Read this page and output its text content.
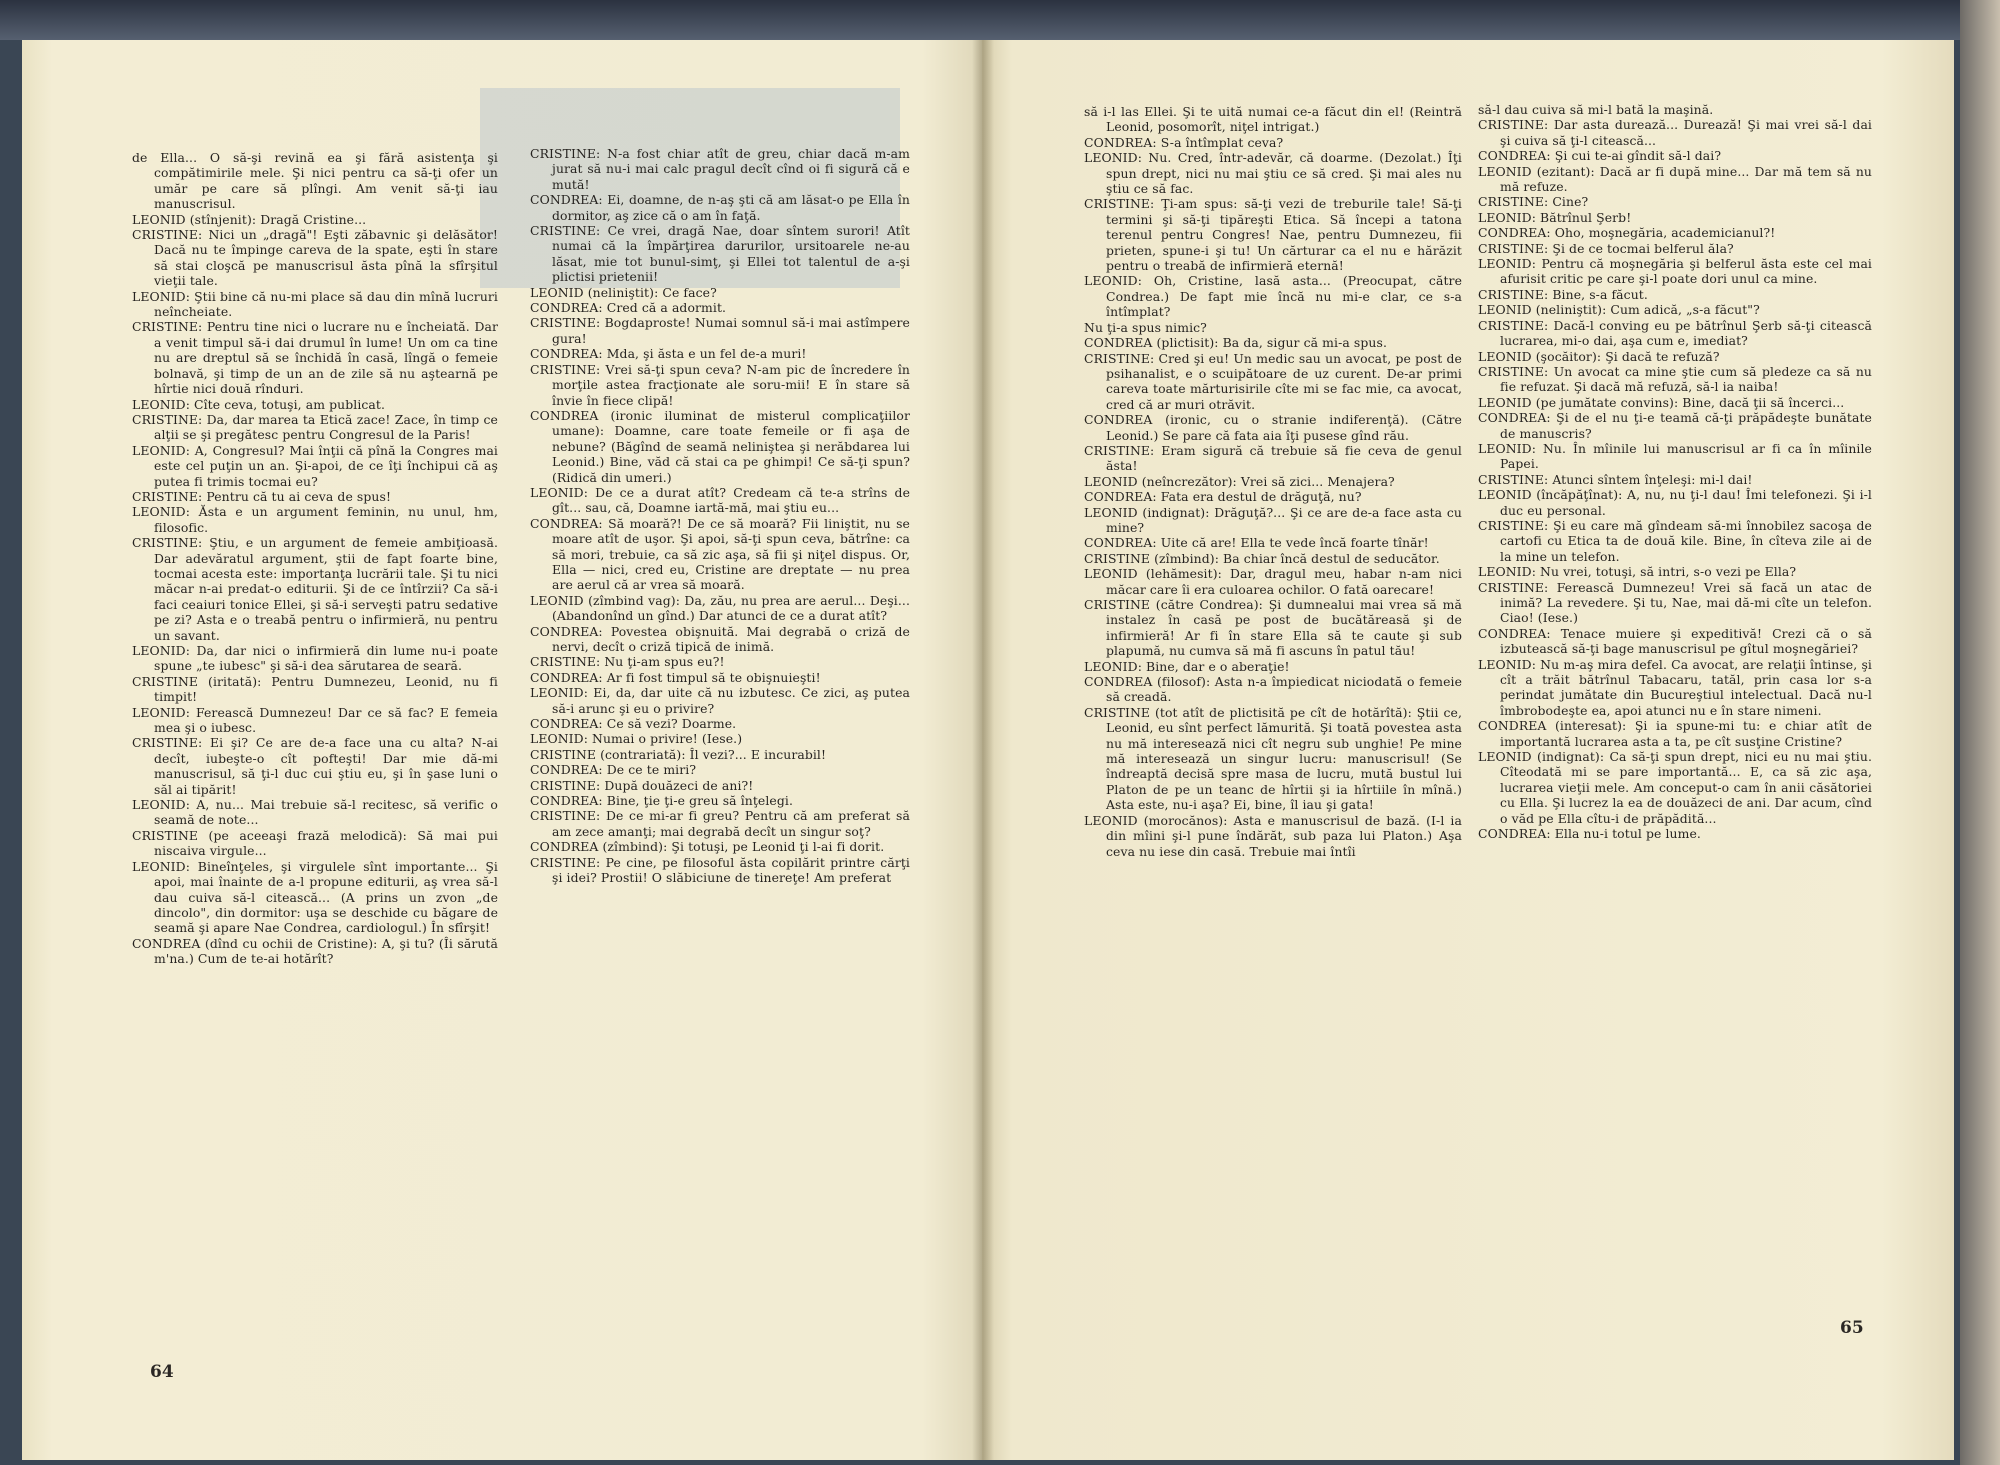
de Ella... O să-şi revină ea şi fără asistenţa şi compătimirile mele. Şi nici pentru ca să-ţi ofer un umăr pe care să plîngi. Am venit să-ţi iau manuscrisul.

LEONID (stînjenit): Dragă Cristine...

CRISTINE: Nici un „dragă"! Eşti zăbavnic şi delăsător! Dacă nu te împinge careva de la spate, eşti în stare să stai cloşcă pe manuscrisul ăsta pînă la sfîrşitul vieţii tale.

LEONID: Ştii bine că nu-mi place să dau din mînă lucruri neîncheiate.

CRISTINE: Pentru tine nici o lucrare nu e încheiată. Dar a venit timpul să-i dai drumul în lume! Un om ca tine nu are dreptul să se închidă în casă, lîngă o femeie bolnavă, şi timp de un an de zile să nu aştearnă pe hîrtie nici două rînduri.

LEONID: Cîte ceva, totuşi, am publicat.

CRISTINE: Da, dar marea ta Etică zace! Zace, în timp ce alţii se şi pregătesc pentru Congresul de la Paris!

LEONID: A, Congresul? Mai înţii că pînă la Congres mai este cel puţin un an. Şi-apoi, de ce îţi închipui că aş putea fi trimis tocmai eu?

CRISTINE: Pentru că tu ai ceva de spus!

LEONID: Ăsta e un argument feminin, nu unul, hm, filosofic.

CRISTINE: Ştiu, e un argument de femeie ambiţioasă. Dar adevăratul argument, ştii de fapt foarte bine, tocmai acesta este: importanţa lucrării tale. Şi tu nici măcar n-ai predat-o editurii. Şi de ce întîrzii? Ca să-i faci ceaiuri tonice Ellei, şi să-i serveşti patru sedative pe zi? Asta e o treabă pentru o infirmieră, nu pentru un savant.

LEONID: Da, dar nici o infirmieră din lume nu-i poate spune „te iubesc" şi să-i dea sărutarea de seară.

CRISTINE (iritată): Pentru Dumnezeu, Leonid, nu fi timpit!

LEONID: Ferească Dumnezeu! Dar ce să fac? E femeia mea şi o iubesc.

CRISTINE: Ei şi? Ce are de-a face una cu alta? N-ai decît, iubeşte-o cît pofteşti! Dar mie dă-mi manuscrisul, să ţi-l duc cui ştiu eu, şi în şase luni o săl ai tipărit!

LEONID: A, nu... Mai trebuie să-l recitesc, să verific o seamă de note...

CRISTINE (pe aceeaşi frază melodică): Să mai pui niscaiva virgule...

LEONID: Bineînţeles, şi virgulele sînt importante... Şi apoi, mai înainte de a-l propune editurii, aş vrea să-l dau cuiva să-l citească... (A prins un zvon „de dincolo", din dormitor: uşa se deschide cu băgare de seamă şi apare Nae Condrea, cardiologul.) În sfîrşit!

CONDREA (dînd cu ochii de Cristine): A, şi tu? (Îi sărută m'na.) Cum de te-ai hotărît?

CRISTINE: N-a fost chiar atît de greu, chiar dacă m-am jurat să nu-i mai calc pragul decît cînd oi fi sigură că e mută!

CONDREA: Ei, doamne, de n-aş şti că am lăsat-o pe Ella în dormitor, aş zice că o am în faţă.

CRISTINE: Ce vrei, dragă Nae, doar sîntem surori! Atît numai că la împărţirea darurilor, ursitoarele ne-au lăsat, mie tot bunul-simţ, şi Ellei tot talentul de a-şi plictisi prietenii!

LEONID (neliniştit): Ce face?

CONDREA: Cred că a adormit.

CRISTINE: Bogdaproste! Numai somnul să-i mai astîmpere gura!

CONDREA: Mda, şi ăsta e un fel de-a muri!

CRISTINE: Vrei să-ţi spun ceva? N-am pic de încredere în morţile astea fracţionate ale soru-mii! E în stare să învie în fiece clipă!

CONDREA (ironic iluminat de misterul complicaţiilor umane): Doamne, care toate femeile or fi aşa de nebune? (Băgînd de seamă neliniştea şi nerăbdarea lui Leonid.) Bine, văd că stai ca pe ghimpi! Ce să-ţi spun? (Ridică din umeri.)

LEONID: De ce a durat atît? Credeam că te-a strîns de gît... sau, că, Doamne iartă-mă, mai ştiu eu...

CONDREA: Să moară?! De ce să moară? Fii liniştit, nu se moare atît de uşor. Şi apoi, să-ţi spun ceva, bătrîne: ca să mori, trebuie, ca să zic aşa, să fii şi niţel dispus. Or, Ella — nici, cred eu, Cristine are dreptate — nu prea are aerul că ar vrea să moară.

LEONID (zîmbind vag): Da, zău, nu prea are aerul... Deşi... (Abandonînd un gînd.) Dar atunci de ce a durat atît?

CONDREA: Povestea obişnuită. Mai degrabă o criză de nervi, decît o criză tipică de inimă.

CRISTINE: Nu ţi-am spus eu?!

CONDREA: Ar fi fost timpul să te obişnuieşti!

LEONID: Ei, da, dar uite că nu izbutesc. Ce zici, aş putea să-i arunc şi eu o privire?

CONDREA: Ce să vezi? Doarme.

LEONID: Numai o privire! (Iese.)

CRISTINE (contrariată): Îl vezi?... E incurabil!

CONDREA: De ce te miri?

CRISTINE: După douăzeci de ani?!

CONDREA: Bine, ţie ţi-e greu să înţelegi.

CRISTINE: De ce mi-ar fi greu? Pentru că am preferat să am zece amanţi; mai degrabă decît un singur soţ?

CONDREA (zîmbind): Şi totuşi, pe Leonid ţi l-ai fi dorit.

CRISTINE: Pe cine, pe filosoful ăsta copilărit printre cărţi şi idei? Prostii! O slăbiciune de tinereţe! Am preferat

să i-l las Ellei. Şi te uită numai ce-a făcut din el! (Reintră Leonid, posomorît, niţel intrigat.)

CONDREA: S-a întîmplat ceva?

LEONID: Nu. Cred, într-adevăr, că doarme. (Dezolat.) Îţi spun drept, nici nu mai ştiu ce să cred. Şi mai ales nu ştiu ce să fac.

CRISTINE: Ţi-am spus: să-ţi vezi de treburile tale! Să-ţi termini şi să-ţi tipăreşti Etica. Să începi a tatona terenul pentru Congres! Nae, pentru Dumnezeu, fii prieten, spune-i şi tu! Un cărturar ca el nu e hărăzit pentru o treabă de infirmieră eternă!

LEONID: Oh, Cristine, lasă asta... (Preocupat, către Condrea.) De fapt mie încă nu mi-e clar, ce s-a întîmplat?

Nu ţi-a spus nimic?

CONDREA (plictisit): Ba da, sigur că mi-a spus.

CRISTINE: Cred şi eu! Un medic sau un avocat, pe post de psihanalist, e o scuipătoare de uz curent. De-ar primi careva toate mărturisirile cîte mi se fac mie, ca avocat, cred că ar muri otrăvit.

CONDREA (ironic, cu o stranie indiferenţă). (Către Leonid.) Se pare că fata aia îţi pusese gînd rău.

CRISTINE: Eram sigură că trebuie să fie ceva de genul ăsta!

LEONID (neîncrezător): Vrei să zici... Menajera?

CONDREA: Fata era destul de drăguţă, nu?

LEONID (indignat): Drăguţă?... Şi ce are de-a face asta cu mine?

CONDREA: Uite că are! Ella te vede încă foarte tînăr!

CRISTINE (zîmbind): Ba chiar încă destul de seducător.

LEONID (lehămesit): Dar, dragul meu, habar n-am nici măcar care îi era culoarea ochilor. O fată oarecare!

CRISTINE (către Condrea): Şi dumnealui mai vrea să mă instalez în casă pe post de bucătăreasă şi de infirmieră! Ar fi în stare Ella să te caute şi sub plapumă, nu cumva să mă fi ascuns în patul tău!

LEONID: Bine, dar e o aberaţie!

CONDREA (filosof): Asta n-a împiedicat niciodată o femeie să creadă.

CRISTINE (tot atît de plictisită pe cît de hotărîtă): Ştii ce, Leonid, eu sînt perfect lămurită. Şi toată povestea asta nu mă interesează nici cît negru sub unghie! Pe mine mă interesează un singur lucru: manuscrisul! (Se îndreaptă decisă spre masa de lucru, mută bustul lui Platon de pe un teanc de hîrtii şi ia hîrtiile în mînă.) Asta este, nu-i aşa? Ei, bine, îl iau şi gata!

LEONID (morocănos): Asta e manuscrisul de bază. (I-l ia din mîini şi-l pune îndărăt, sub paza lui Platon.) Aşa ceva nu iese din casă. Trebuie mai întîi

să-l dau cuiva să mi-l bată la maşină.

CRISTINE: Dar asta durează... Durează! Şi mai vrei să-l dai şi cuiva să ţi-l citească...

CONDREA: Şi cui te-ai gîndit să-l dai?

LEONID (ezitant): Dacă ar fi după mine... Dar mă tem să nu mă refuze.

CRISTINE: Cine?

LEONID: Bătrînul Şerb!

CONDREA: Oho, moşnegăria, academicianul?!

CRISTINE: Şi de ce tocmai belferul ăla?

LEONID: Pentru că moşnegăria şi belferul ăsta este cel mai afurisit critic pe care şi-l poate dori unul ca mine.

CRISTINE: Bine, s-a făcut.

LEONID (neliniştit): Cum adică, „s-a făcut"?

CRISTINE: Dacă-l conving eu pe bătrînul Şerb să-ţi citească lucrarea, mi-o dai, aşa cum e, imediat?

LEONID (şocăitor): Şi dacă te refuză?

CRISTINE: Un avocat ca mine ştie cum să pledeze ca să nu fie refuzat. Şi dacă mă refuză, să-l ia naiba!

LEONID (pe jumătate convins): Bine, dacă ţii să încerci...

CONDREA: Şi de el nu ţi-e teamă că-ţi prăpădeşte bunătate de manuscris?

LEONID: Nu. În mîinile lui manuscrisul ar fi ca în mîinile Papei.

CRISTINE: Atunci sîntem înţeleşi: mi-l dai!

LEONID (încăpăţînat): A, nu, nu ţi-l dau! Îmi telefonezi. Şi i-l duc eu personal.

CRISTINE: Şi eu care mă gîndeam să-mi înnobilez sacoşa de cartofi cu Etica ta de două kile. Bine, în cîteva zile ai de la mine un telefon.

LEONID: Nu vrei, totuşi, să intri, s-o vezi pe Ella?

CRISTINE: Ferească Dumnezeu! Vrei să facă un atac de inimă? La revedere. Şi tu, Nae, mai dă-mi cîte un telefon. Ciao! (Iese.)

CONDREA: Tenace muiere şi expeditivă! Crezi că o să izbutească să-ţi bage manuscrisul pe gîtul moşnegăriei?

LEONID: Nu m-aş mira defel. Ca avocat, are relaţii întinse, şi cît a trăit bătrînul Tabacaru, tatăl, prin casa lor s-a perindat jumătate din Bucureştiul intelectual. Dacă nu-l îmbrobodeşte ea, apoi atunci nu e în stare nimeni.

CONDREA (interesat): Şi ia spune-mi tu: e chiar atît de importantă lucrarea asta a ta, pe cît susţine Cristine?

LEONID (indignat): Ca să-ţi spun drept, nici eu nu mai ştiu. Cîteodată mi se pare importantă... E, ca să zic aşa, lucrarea vieţii mele. Am conceput-o cam în anii căsătoriei cu Ella. Şi lucrez la ea de douăzeci de ani. Dar acum, cînd o văd pe Ella cîtu-i de prăpădită...

CONDREA: Ella nu-i totul pe lume.

64
65
